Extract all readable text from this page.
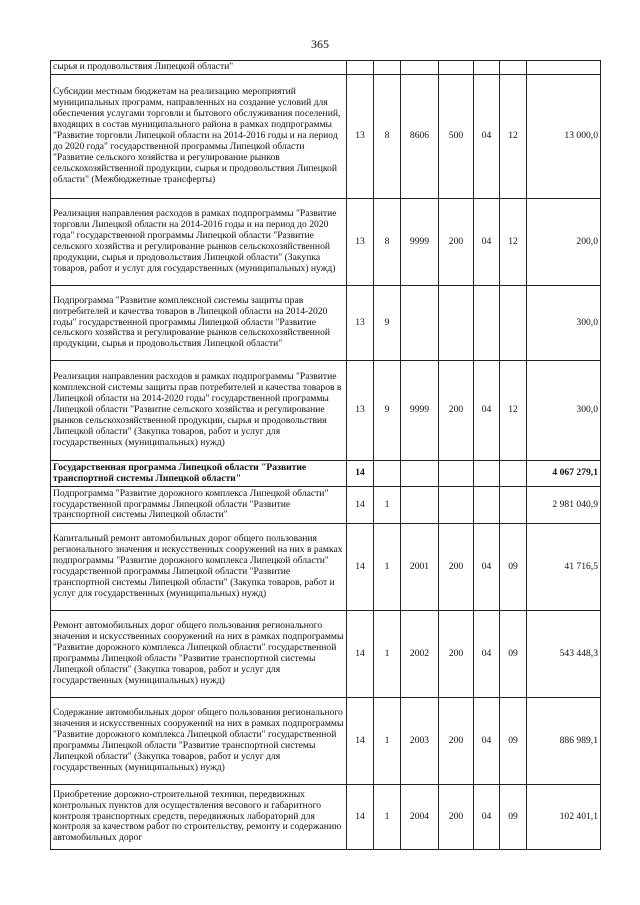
365
сырья и продовольствия Липецкой области"							
Субсидии местным бюджетам на реализацию мероприятий муниципальных программ, направленных на создание условий для обеспечения услугами торговли и бытового обслуживания поселений, входящих в состав муниципального района в рамках подпрограммы "Развитие торговли Липецкой области на 2014-2016 годы и на период до 2020 года" государственной программы Липецкой области "Развитие сельского хозяйства и регулирование рынков сельскохозяйственной продукции, сырья и продовольствия Липецкой области" (Межбюджетные трансферты)	13	8	8606	500	04	12	13 000,0
Реализация направления расходов в рамках подпрограммы "Развитие торговли Липецкой области на 2014-2016 годы и на период до 2020 года" государственной программы Липецкой области "Развитие сельского хозяйства и регулирование рынков сельскохозяйственной продукции, сырья и продовольствия Липецкой области" (Закупка товаров, работ и услуг для государственных (муниципальных) нужд)	13	8	9999	200	04	12	200,0
Подпрограмма "Развитие комплексной системы защиты прав потребителей и качества товаров в Липецкой области на 2014-2020 годы" государственной программы Липецкой области "Развитие сельского хозяйства и регулирование рынков сельскохозяйственной продукции, сырья и продовольствия Липецкой области"	13	9					300,0
Реализация направления расходов в рамках подпрограммы "Развитие комплексной системы защиты прав потребителей и качества товаров в Липецкой области на 2014-2020 годы" государственной программы Липецкой области "Развитие сельского хозяйства и регулирование рынков сельскохозяйственной продукции, сырья и продовольствия Липецкой области" (Закупка товаров, работ и услуг для государственных (муниципальных) нужд)	13	9	9999	200	04	12	300,0
Государственная программа Липецкой области "Развитие транспортной системы Липецкой области"	14						4 067 279,1
Подпрограмма "Развитие дорожного комплекса Липецкой области" государственной программы Липецкой области "Развитие транспортной системы Липецкой области"	14	1					2 981 040,9
Капитальный ремонт автомобильных дорог общего пользования регионального значения и искусственных сооружений на них в рамках подпрограммы "Развитие дорожного комплекса Липецкой области" государственной программы Липецкой области "Развитие транспортной системы Липецкой области" (Закупка товаров, работ и услуг для государственных (муниципальных) нужд)	14	1	2001	200	04	09	41 716,5
Ремонт автомобильных дорог общего пользования регионального значения и искусственных сооружений на них в рамках подпрограммы "Развитие дорожного комплекса Липецкой области" государственной программы Липецкой области "Развитие транспортной системы Липецкой области" (Закупка товаров, работ и услуг для государственных (муниципальных) нужд)	14	1	2002	200	04	09	543 448,3
Содержание автомобильных дорог общего пользования регионального значения и искусственных сооружений на них в рамках подпрограммы "Развитие дорожного комплекса Липецкой области" государственной программы Липецкой области "Развитие транспортной системы Липецкой области" (Закупка товаров, работ и услуг для государственных (муниципальных) нужд)	14	1	2003	200	04	09	886 989,1
Приобретение дорожно-строительной техники, передвижных контрольных пунктов для осуществления весового и габаритного контроля транспортных средств, передвижных лабораторий для контроля за качеством работ по строительству, ремонту и содержанию автомобильных дорог	14	1	2004	200	04	09	102 401,1
